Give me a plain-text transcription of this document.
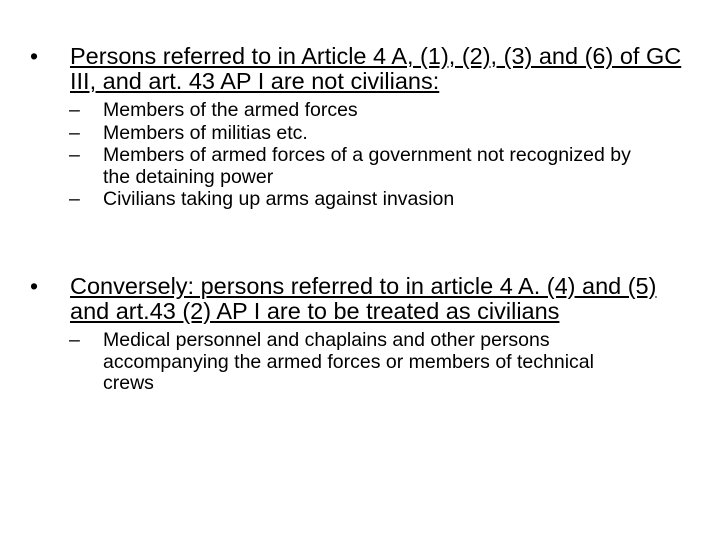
•	Persons referred to in Article 4 A, (1), (2), (3) and (6) of GC III, and art. 43 AP I are not civilians:
–	Members of the armed forces
–	Members of militias etc.
–	Members of armed forces of a government not recognized by the detaining power
–	Civilians taking up arms against invasion
•	Conversely: persons referred to in article 4 A. (4) and (5) and art.43 (2) AP I are to be treated as civilians
–	Medical personnel and chaplains and other persons accompanying the armed forces or members of technical crews
